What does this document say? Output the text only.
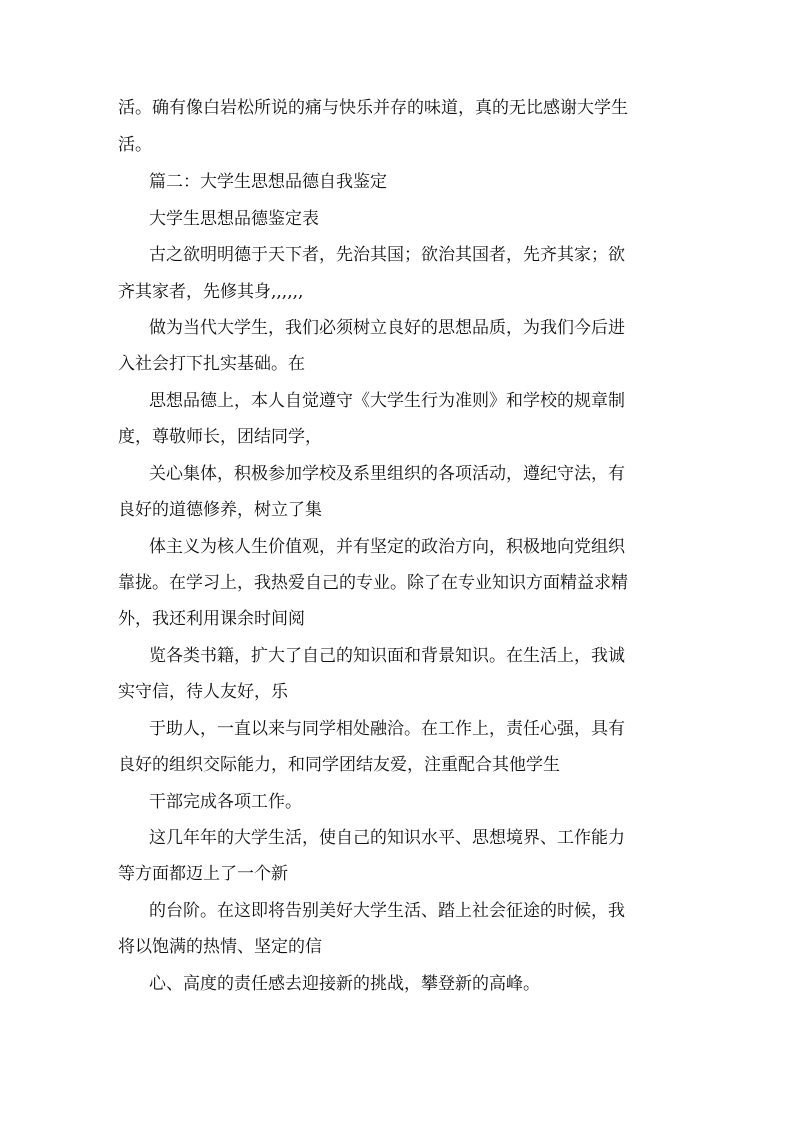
活。确有像白岩松所说的痛与快乐并存的味道，真的无比感谢大学生
活。
篇二：大学生思想品德自我鉴定
大学生思想品德鉴定表
古之欲明明德于天下者，先治其国；欲治其国者，先齐其家；欲
齐其家者，先修其身,,,,,,
做为当代大学生，我们必须树立良好的思想品质，为我们今后进
入社会打下扎实基础。在
思想品德上，本人自觉遵守《大学生行为准则》和学校的规章制
度，尊敬师长，团结同学，
关心集体，积极参加学校及系里组织的各项活动，遵纪守法，有
良好的道德修养，树立了集
体主义为核人生价值观，并有坚定的政治方向，积极地向党组织
靠拢。在学习上，我热爱自己的专业。除了在专业知识方面精益求精
外，我还利用课余时间阅
览各类书籍，扩大了自己的知识面和背景知识。在生活上，我诚
实守信，待人友好，乐
于助人，一直以来与同学相处融洽。在工作上，责任心强，具有
良好的组织交际能力，和同学团结友爱，注重配合其他学生
干部完成各项工作。
这几年年的大学生活，使自己的知识水平、思想境界、工作能力
等方面都迈上了一个新
的台阶。在这即将告别美好大学生活、踏上社会征途的时候，我
将以饱满的热情、坚定的信
心、高度的责任感去迎接新的挑战，攀登新的高峰。
